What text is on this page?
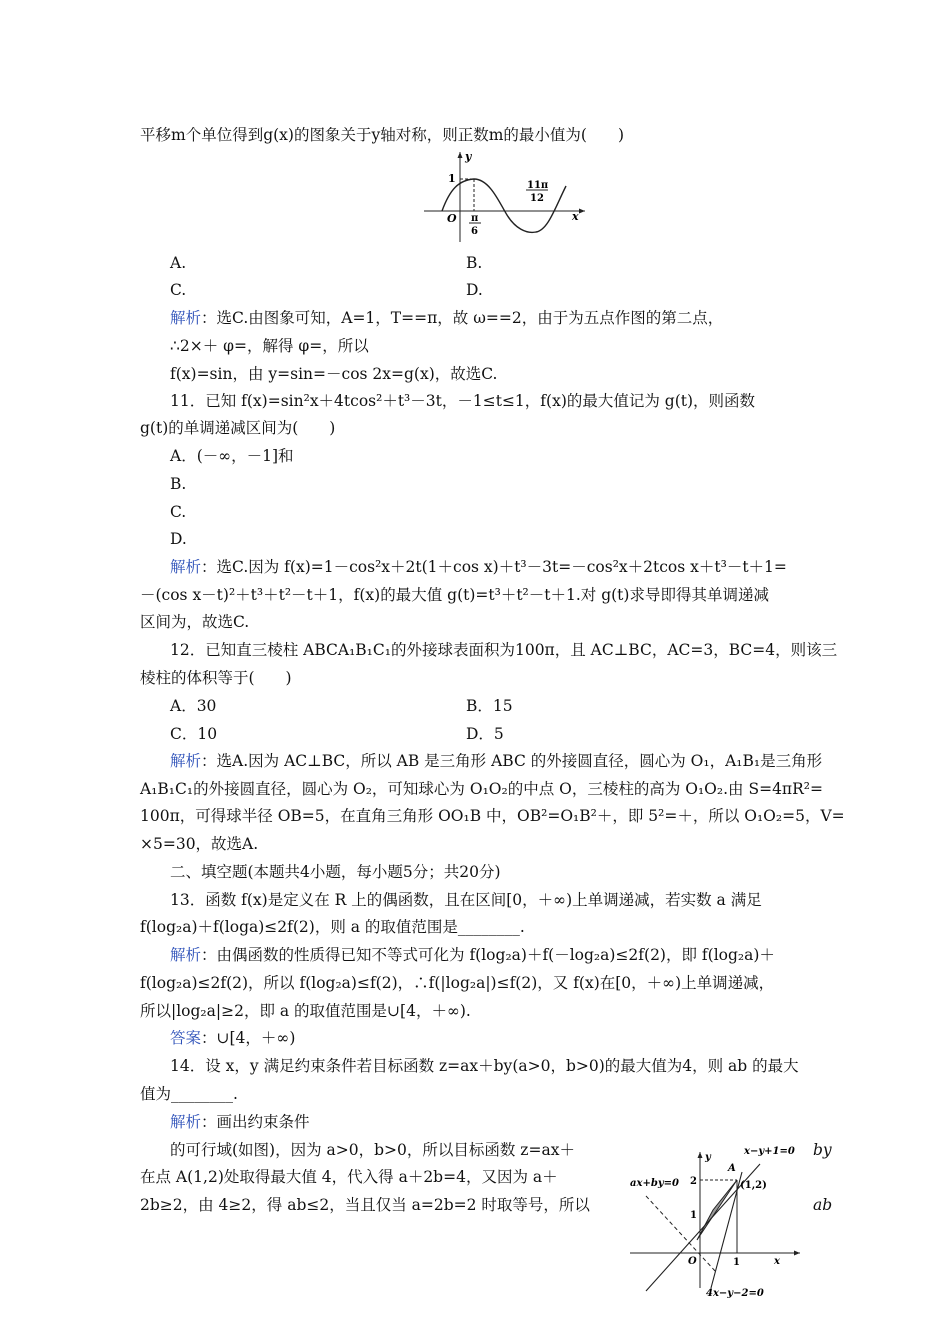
平移m个单位得到g(x)的图象关于y轴对称，则正数m的最小值为(　　)
y
x
1
O π
6
11π
12
A.	B.
C.	D.
解析：选C.由图象可知，A=1，T==π，故 ω==2，由于为五点作图的第二点，
∴2×＋ φ=，解得 φ=，所以
f(x)=sin，由 y=sin=－cos 2x=g(x)，故选C.
11．已知 f(x)=sin²x＋4tcos²＋t³－3t，－1≤t≤1，f(x)的最大值记为 g(t)，则函数
g(t)的单调递减区间为(　　)
A．(－∞，－1]和
B.
C.
D.
解析：选C.因为 f(x)=1－cos²x＋2t(1＋cos x)＋t³－3t=－cos²x＋2tcos x＋t³－t＋1=
－(cos x－t)²＋t³＋t²－t＋1，f(x)的最大值 g(t)=t³＋t²－t＋1.对 g(t)求导即得其单调递减
区间为，故选C.
12．已知直三棱柱 ABCA₁B₁C₁的外接球表面积为100π，且 AC⊥BC，AC=3，BC=4，则该三
棱柱的体积等于(　　)
A．30	B．15
C．10	D．5
解析：选A.因为 AC⊥BC，所以 AB 是三角形 ABC 的外接圆直径，圆心为 O₁，A₁B₁是三角形
A₁B₁C₁的外接圆直径，圆心为 O₂，可知球心为 O₁O₂的中点 O，三棱柱的高为 O₁O₂.由 S=4πR²=
100π，可得球半径 OB=5，在直角三角形 OO₁B 中，OB²=O₁B²＋，即 5²=＋，所以 O₁O₂=5，V=
×5=30，故选A.
二、填空题(本题共4小题，每小题5分；共20分)
13．函数 f(x)是定义在 R 上的偶函数，且在区间[0，＋∞)上单调递减，若实数 a 满足
f(log₂a)＋f(loga)≤2f(2)，则 a 的取值范围是________.
解析：由偶函数的性质得已知不等式可化为 f(log₂a)＋f(－log₂a)≤2f(2)，即 f(log₂a)＋
f(log₂a)≤2f(2)，所以 f(log₂a)≤f(2)，∴f(|log₂a|)≤f(2)，又 f(x)在[0，＋∞)上单调递减，
所以|log₂a|≥2，即 a 的取值范围是∪[4，＋∞).
答案：∪[4，＋∞)
14．设 x，y 满足约束条件若目标函数 z=ax＋by(a>0，b>0)的最大值为4，则 ab 的最大
值为________.
解析：画出约束条件
的可行域(如图)，因为 a>0，b>0，所以目标函数 z=ax＋
在点 A(1,2)处取得最大值 4，代入得 a＋2b=4，又因为 a＋
2b≥2，由 4≥2，得 ab≤2，当且仅当 a=2b=2 时取等号，所以
by
ab
y
x
A
(1,2)
x−y+1=0
ax+by=0
4x−y−2=0
2
1
1
O
